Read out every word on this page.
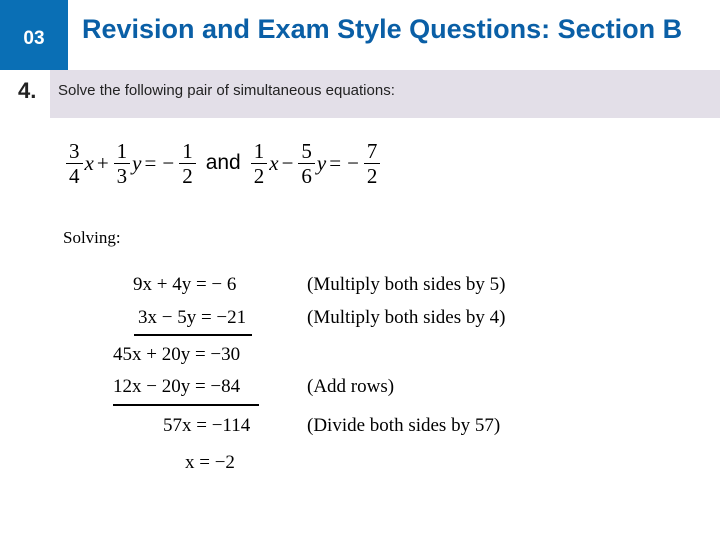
03	Revision and Exam Style Questions: Section B
4. Solve the following pair of simultaneous equations:
$\frac{3}{4}$ $x + \frac{1}{3}$ y = − $\frac{1}{2}$ and $\frac{1}{2}$ $x - \frac{5}{6}$ y = − $\frac{7}{2}$
Solving:
9x + 4y = − 6	(Multiply both sides by 5)
3x − 5y = −21	(Multiply both sides by 4)
45x + 20y = −30
12x − 20y = −84	(Add rows)
57x = −114	(Divide both sides by 57)
x = −2
